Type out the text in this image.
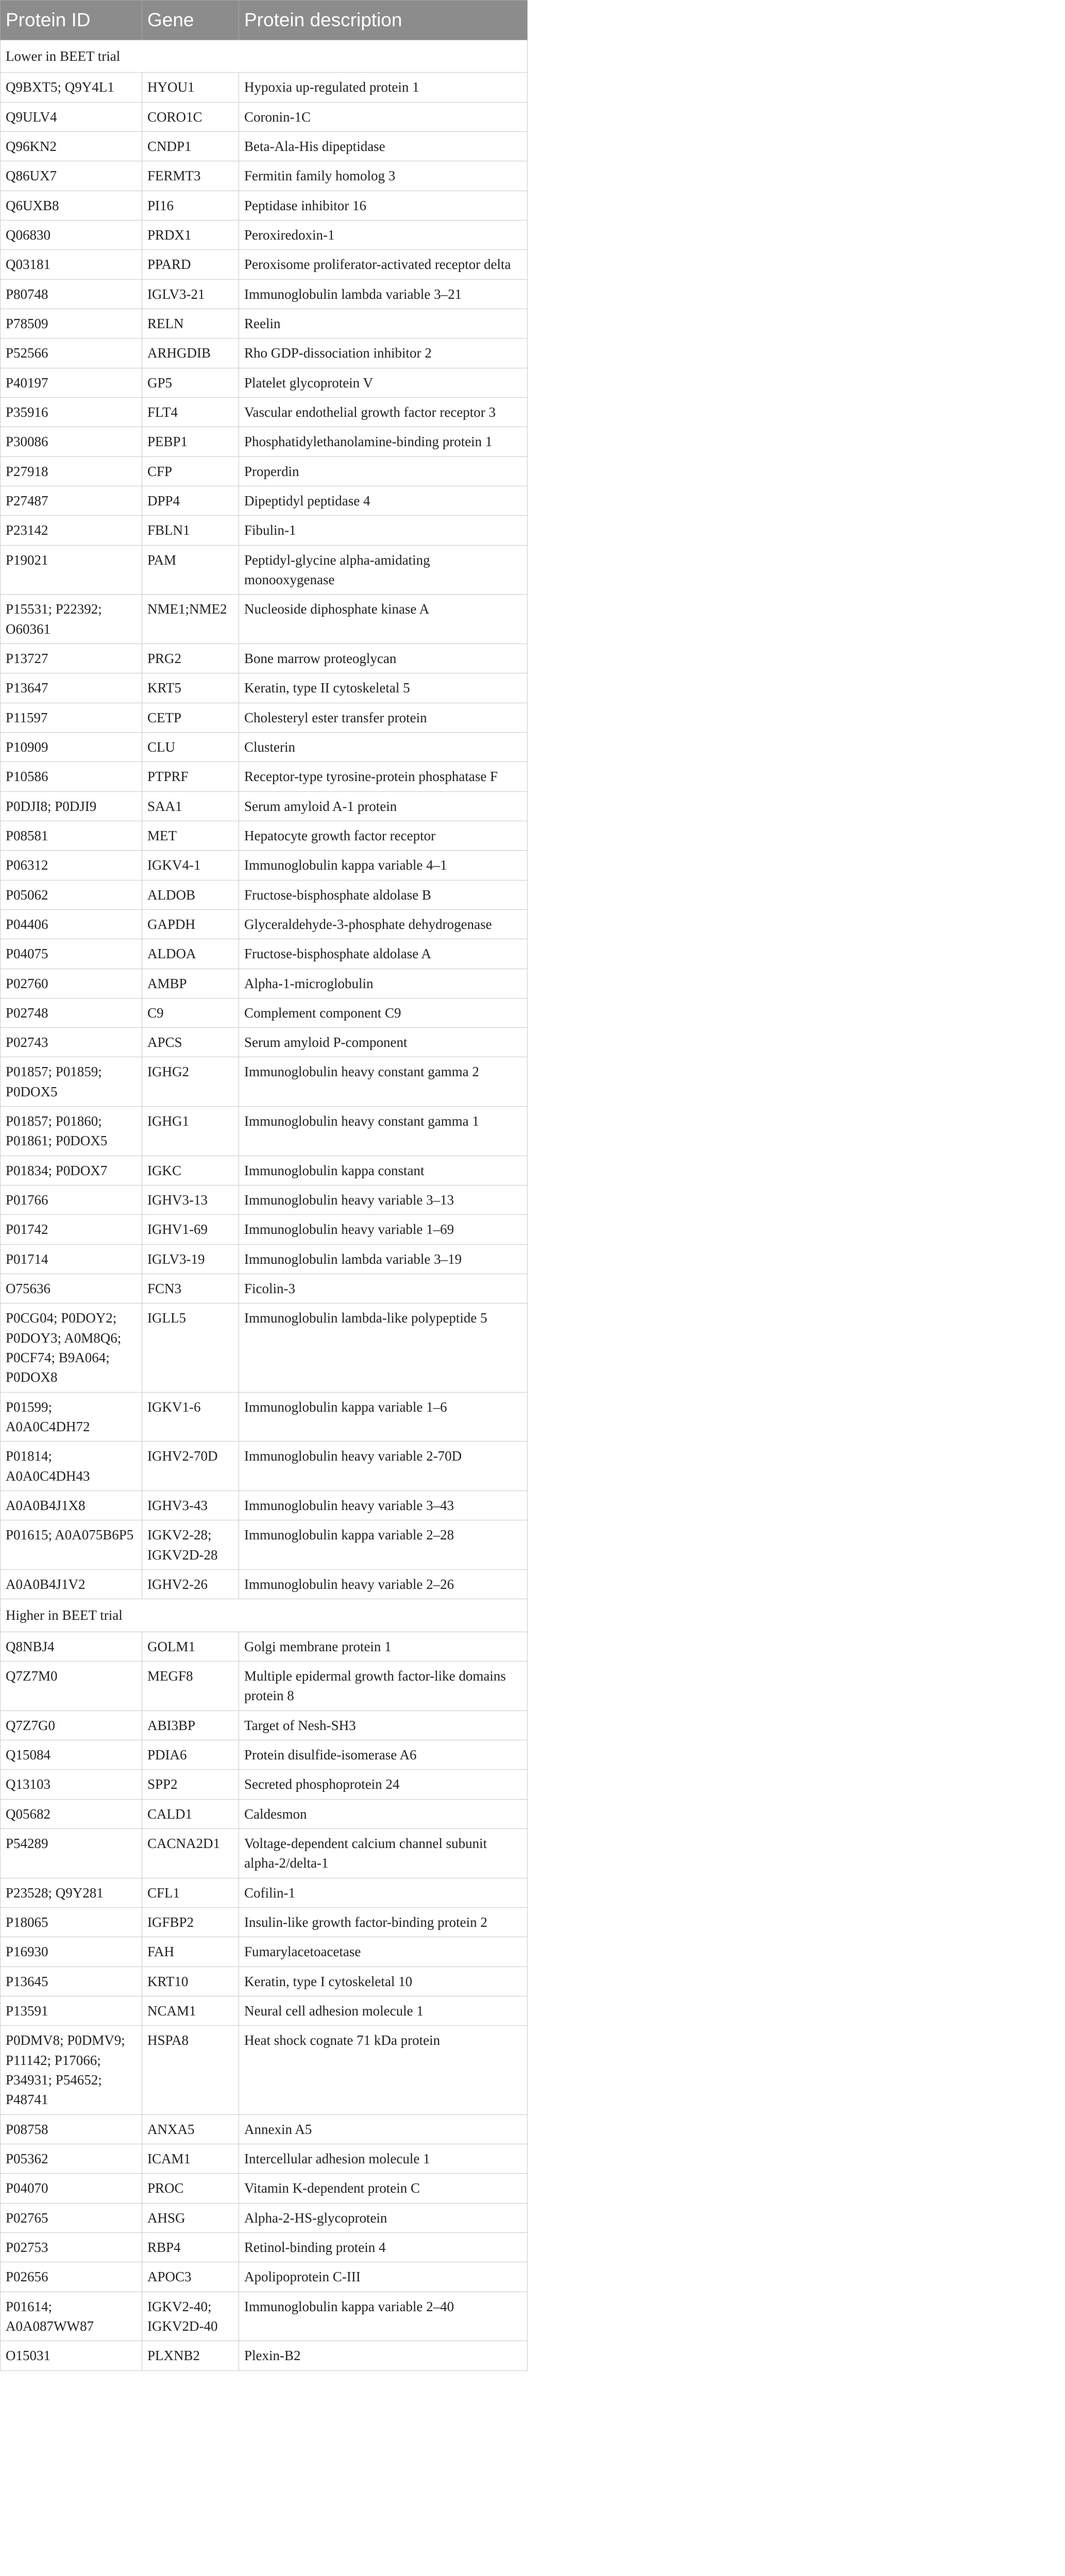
Protein ID	Gene	Protein description
Lower in BEET trial		
Q9BXT5; Q9Y4L1	HYOU1	Hypoxia up-regulated protein 1
Q9ULV4	CORO1C	Coronin-1C
Q96KN2	CNDP1	Beta-Ala-His dipeptidase
Q86UX7	FERMT3	Fermitin family homolog 3
Q6UXB8	PI16	Peptidase inhibitor 16
Q06830	PRDX1	Peroxiredoxin-1
Q03181	PPARD	Peroxisome proliferator-activated receptor delta
P80748	IGLV3-21	Immunoglobulin lambda variable 3–21
P78509	RELN	Reelin
P52566	ARHGDIB	Rho GDP-dissociation inhibitor 2
P40197	GP5	Platelet glycoprotein V
P35916	FLT4	Vascular endothelial growth factor receptor 3
P30086	PEBP1	Phosphatidylethanolamine-binding protein 1
P27918	CFP	Properdin
P27487	DPP4	Dipeptidyl peptidase 4
P23142	FBLN1	Fibulin-1
P19021	PAM	Peptidyl-glycine alpha-amidating monooxygenase
P15531; P22392; O60361	NME1;NME2	Nucleoside diphosphate kinase A
P13727	PRG2	Bone marrow proteoglycan
P13647	KRT5	Keratin, type II cytoskeletal 5
P11597	CETP	Cholesteryl ester transfer protein
P10909	CLU	Clusterin
P10586	PTPRF	Receptor-type tyrosine-protein phosphatase F
P0DJI8; P0DJI9	SAA1	Serum amyloid A-1 protein
P08581	MET	Hepatocyte growth factor receptor
P06312	IGKV4-1	Immunoglobulin kappa variable 4–1
P05062	ALDOB	Fructose-bisphosphate aldolase B
P04406	GAPDH	Glyceraldehyde-3-phosphate dehydrogenase
P04075	ALDOA	Fructose-bisphosphate aldolase A
P02760	AMBP	Alpha-1-microglobulin
P02748	C9	Complement component C9
P02743	APCS	Serum amyloid P-component
P01857; P01859; P0DOX5	IGHG2	Immunoglobulin heavy constant gamma 2
P01857; P01860; P01861; P0DOX5	IGHG1	Immunoglobulin heavy constant gamma 1
P01834; P0DOX7	IGKC	Immunoglobulin kappa constant
P01766	IGHV3-13	Immunoglobulin heavy variable 3–13
P01742	IGHV1-69	Immunoglobulin heavy variable 1–69
P01714	IGLV3-19	Immunoglobulin lambda variable 3–19
O75636	FCN3	Ficolin-3
P0CG04; P0DOY2; P0DOY3; A0M8Q6; P0CF74; B9A064; P0DOX8	IGLL5	Immunoglobulin lambda-like polypeptide 5
P01599; A0A0C4DH72	IGKV1-6	Immunoglobulin kappa variable 1–6
P01814; A0A0C4DH43	IGHV2-70D	Immunoglobulin heavy variable 2-70D
A0A0B4J1X8	IGHV3-43	Immunoglobulin heavy variable 3–43
P01615; A0A075B6P5	IGKV2-28; IGKV2D-28	Immunoglobulin kappa variable 2–28
A0A0B4J1V2	IGHV2-26	Immunoglobulin heavy variable 2–26
Higher in BEET trial		
Q8NBJ4	GOLM1	Golgi membrane protein 1
Q7Z7M0	MEGF8	Multiple epidermal growth factor-like domains protein 8
Q7Z7G0	ABI3BP	Target of Nesh-SH3
Q15084	PDIA6	Protein disulfide-isomerase A6
Q13103	SPP2	Secreted phosphoprotein 24
Q05682	CALD1	Caldesmon
P54289	CACNA2D1	Voltage-dependent calcium channel subunit alpha-2/delta-1
P23528; Q9Y281	CFL1	Cofilin-1
P18065	IGFBP2	Insulin-like growth factor-binding protein 2
P16930	FAH	Fumarylacetoacetase
P13645	KRT10	Keratin, type I cytoskeletal 10
P13591	NCAM1	Neural cell adhesion molecule 1
P0DMV8; P0DMV9; P11142; P17066; P34931; P54652; P48741	HSPA8	Heat shock cognate 71 kDa protein
P08758	ANXA5	Annexin A5
P05362	ICAM1	Intercellular adhesion molecule 1
P04070	PROC	Vitamin K-dependent protein C
P02765	AHSG	Alpha-2-HS-glycoprotein
P02753	RBP4	Retinol-binding protein 4
P02656	APOC3	Apolipoprotein C-III
P01614; A0A087WW87	IGKV2-40; IGKV2D-40	Immunoglobulin kappa variable 2–40
O15031	PLXNB2	Plexin-B2
